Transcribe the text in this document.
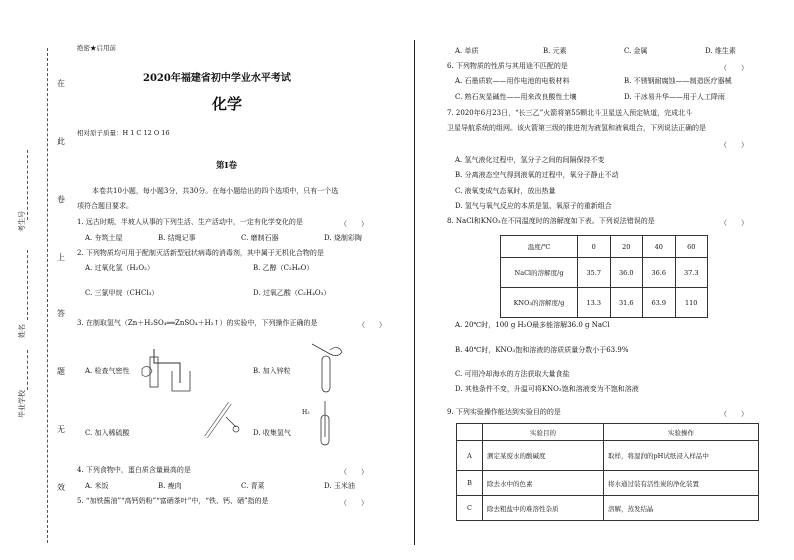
在
此
卷
上
答
题
无
效
考生号
姓名
毕业学校
绝密★启用前
2020年福建省初中学业水平考试
化学
相对原子质量：H 1 C 12 O 16
第Ⅰ卷
本卷共10小题，每小题3分，共30分。在每小题给出的四个选项中，只有一个选
项符合题目要求。
1. 远古时期，半坡人从事的下列生活、生产活动中，一定有化学变化的是	（　　）
A. 夯筑土屋	B. 结绳记事	C. 磨制石器	D. 烧制彩陶
2. 下列物质均可用于配制灭活新型冠状病毒的消毒剂，其中属于无机化合物的是
A. 过氧化氢（H₂O₂）	B. 乙醇（C₂H₆O）
C. 三氯甲烷（CHCl₃）	D. 过氧乙酸（C₂H₄O₃）
3. 在制取氢气（Zn＋H₂SO₄══ZnSO₄＋H₂↑）的实验中，下列操作正确的是	（　　）
H₂
A. 检查气密性	B. 加入锌粒
C. 加入稀硫酸	D. 收集氢气
4. 下列食物中，蛋白质含量最高的是	（　　）
A. 米饭	B. 瘦肉	C. 青菜	D. 玉米油
5. “加铁酱油”“高钙奶粉”“富硒茶叶”中，“铁、钙、硒”指的是	（　　）
A. 单质	B. 元素	C. 金属	D. 维生素
6. 下列物质的性质与其用途不匹配的是	（　　）
A. 石墨质软——用作电池的电极材料	B. 不锈钢耐腐蚀——制造医疗器械
C. 熟石灰显碱性——用来改良酸性土壤	D. 干冰易升华——用于人工降雨
7. 2020年6月23日，“长三乙”火箭将第55颗北斗卫星送入预定轨道，完成北斗
卫星导航系统的组网。该火箭第三级的推进剂为液氢和液氧组合，下列说法正确的是
（　　）
A. 氢气液化过程中，氢分子之间的间隔保持不变
B. 分离液态空气得到液氧的过程中，氧分子静止不动
C. 液氧变成气态氧时，放出热量
D. 氢气与氧气反应的本质是氢、氧原子的重新组合
8. NaCl和KNO₃在不同温度时的溶解度如下表。下列说法错误的是	（　　）
温度/℃	0	20	40	60
NaCl的溶解度/g	35.7	36.0	36.6	37.3
KNO₃的溶解度/g	13.3	31.6	63.9	110
A. 20℃时，100 g H₂O最多能溶解36.0 g NaCl
B. 40℃时，KNO₃饱和溶液的溶质质量分数小于63.9%
C. 可用冷却海水的方法获取大量食盐
D. 其他条件不变，升温可将KNO₃饱和溶液变为不饱和溶液
9. 下列实验操作能达到实验目的的是	（　　）
	实验目的	实验操作
A	测定某废水的酸碱度	取样，将湿润的pH试纸浸入样品中
B	除去水中的色素	将水通过装有活性炭的净化装置
C	除去粗盐中的难溶性杂质	溶解，蒸发结晶
